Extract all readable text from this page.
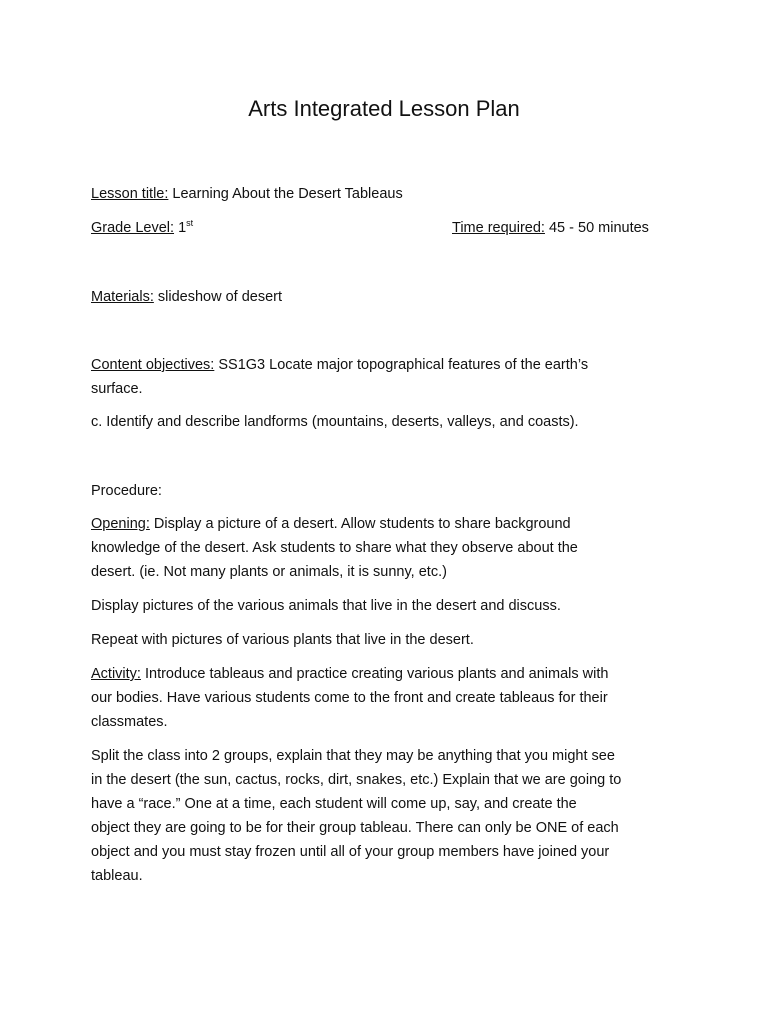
Arts Integrated Lesson Plan
Lesson title: Learning About the Desert Tableaus
Grade Level: 1st	Time required: 45 - 50 minutes
Materials: slideshow of desert
Content objectives: SS1G3 Locate major topographical features of the earth’s
surface.
c. Identify and describe landforms (mountains, deserts, valleys, and coasts).
Procedure:
Opening: Display a picture of a desert. Allow students to share background
knowledge of the desert. Ask students to share what they observe about the
desert. (ie. Not many plants or animals, it is sunny, etc.)
Display pictures of the various animals that live in the desert and discuss.
Repeat with pictures of various plants that live in the desert.
Activity: Introduce tableaus and practice creating various plants and animals with
our bodies. Have various students come to the front and create tableaus for their
classmates.
Split the class into 2 groups, explain that they may be anything that you might see
in the desert (the sun, cactus, rocks, dirt, snakes, etc.) Explain that we are going to
have a “race.” One at a time, each student will come up, say, and create the
object they are going to be for their group tableau. There can only be ONE of each
object and you must stay frozen until all of your group members have joined your
tableau.
